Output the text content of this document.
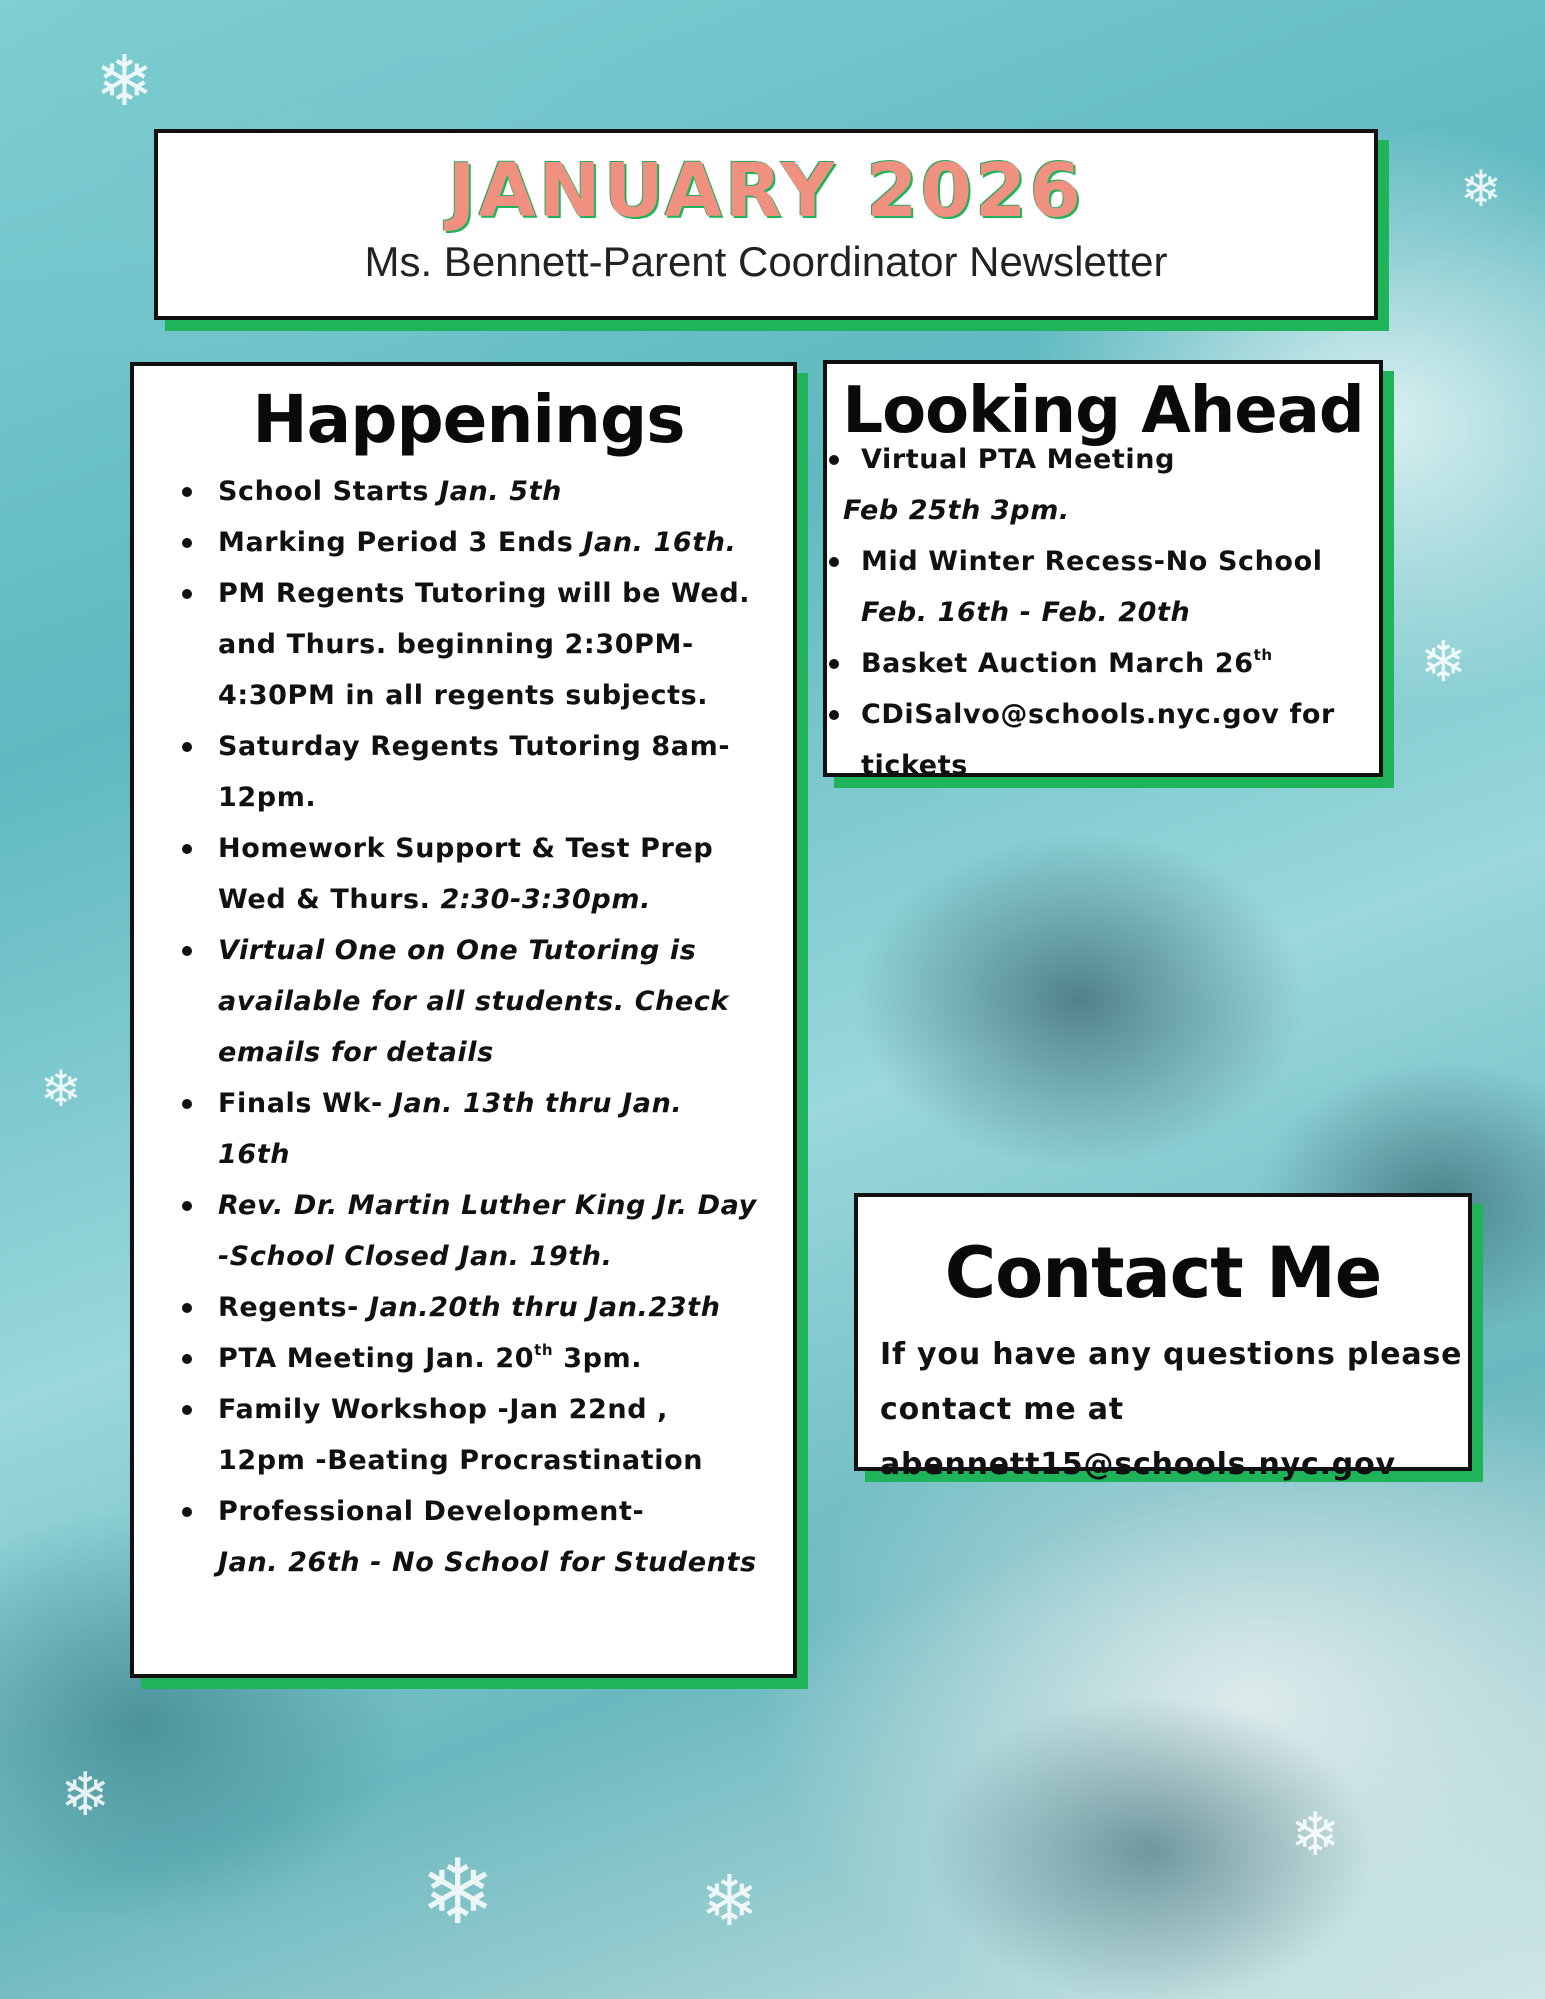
❄
❄
❄
❄	❄
❄
❄
❄
JANUARY 2026
Ms. Bennett-Parent Coordinator Newsletter
Happenings
School Starts Jan. 5th
Marking Period 3 Ends Jan. 16th.
PM Regents Tutoring will be Wed. and Thurs. beginning 2:30PM-4:30PM in all regents subjects.
Saturday Regents Tutoring 8am-12pm.
Homework Support & Test Prep Wed & Thurs. 2:30-3:30pm.
Virtual One on One Tutoring is available for all students. Check emails for details
Finals Wk- Jan. 13th thru Jan. 16th
Rev. Dr. Martin Luther King Jr. Day -School Closed Jan. 19th.
Regents- Jan.20th thru Jan.23th
PTA Meeting Jan. 20th 3pm.
Family Workshop -Jan 22nd , 12pm -Beating Procrastination
Professional Development-
Jan. 26th - No School for Students
Looking Ahead
Virtual PTA Meeting
Feb 25th 3pm.
Mid Winter Recess-No School
Feb. 16th - Feb. 20th
Basket Auction March 26th
CDiSalvo@schools.nyc.gov for tickets
Contact Me
If you have any questions please contact me at abennett15@schools.nyc.gov
